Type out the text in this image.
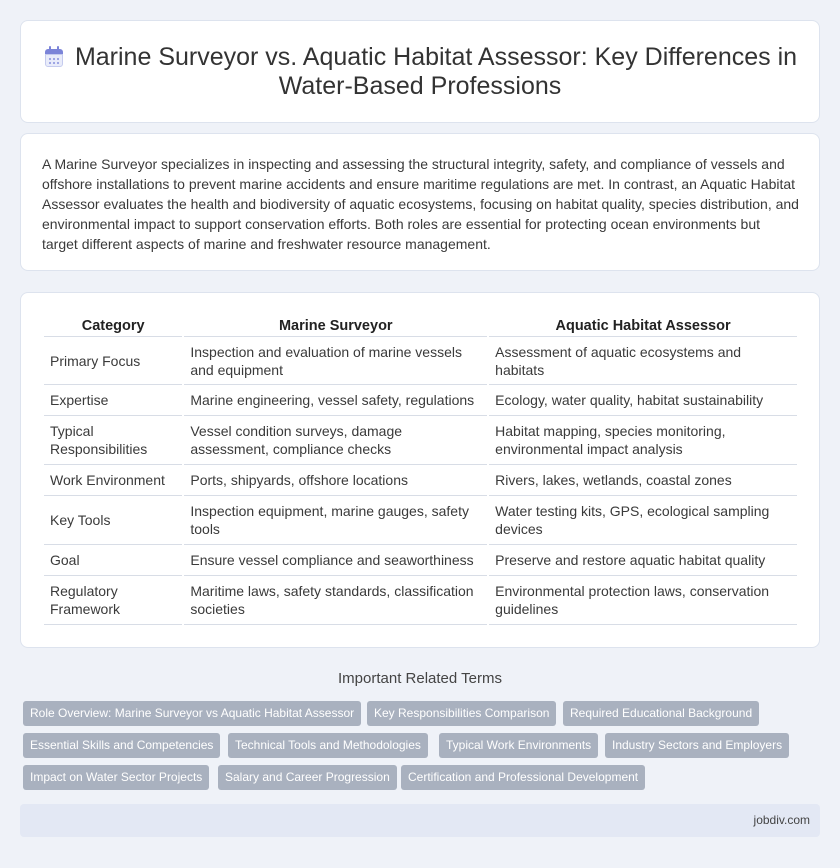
Marine Surveyor vs. Aquatic Habitat Assessor: Key Differences in Water-Based Professions

A Marine Surveyor specializes in inspecting and assessing the structural integrity, safety, and compliance of vessels and offshore installations to prevent marine accidents and ensure maritime regulations are met. In contrast, an Aquatic Habitat Assessor evaluates the health and biodiversity of aquatic ecosystems, focusing on habitat quality, species distribution, and environmental impact to support conservation efforts. Both roles are essential for protecting ocean environments but target different aspects of marine and freshwater resource management.

Category	Marine Surveyor	Aquatic Habitat Assessor
Primary Focus	Inspection and evaluation of marine vessels and equipment	Assessment of aquatic ecosystems and habitats
Expertise	Marine engineering, vessel safety, regulations	Ecology, water quality, habitat sustainability
Typical Responsibilities	Vessel condition surveys, damage assessment, compliance checks	Habitat mapping, species monitoring, environmental impact analysis
Work Environment	Ports, shipyards, offshore locations	Rivers, lakes, wetlands, coastal zones
Key Tools	Inspection equipment, marine gauges, safety tools	Water testing kits, GPS, ecological sampling devices
Goal	Ensure vessel compliance and seaworthiness	Preserve and restore aquatic habitat quality
Regulatory Framework	Maritime laws, safety standards, classification societies	Environmental protection laws, conservation guidelines
Important Related Terms
Role Overview: Marine Surveyor vs Aquatic Habitat Assessor	Key Responsibilities Comparison	Required Educational Background
Essential Skills and Competencies	Technical Tools and Methodologies	Typical Work Environments	Industry Sectors and Employers
Impact on Water Sector Projects	Salary and Career Progression	Certification and Professional Development
jobdiv.com
